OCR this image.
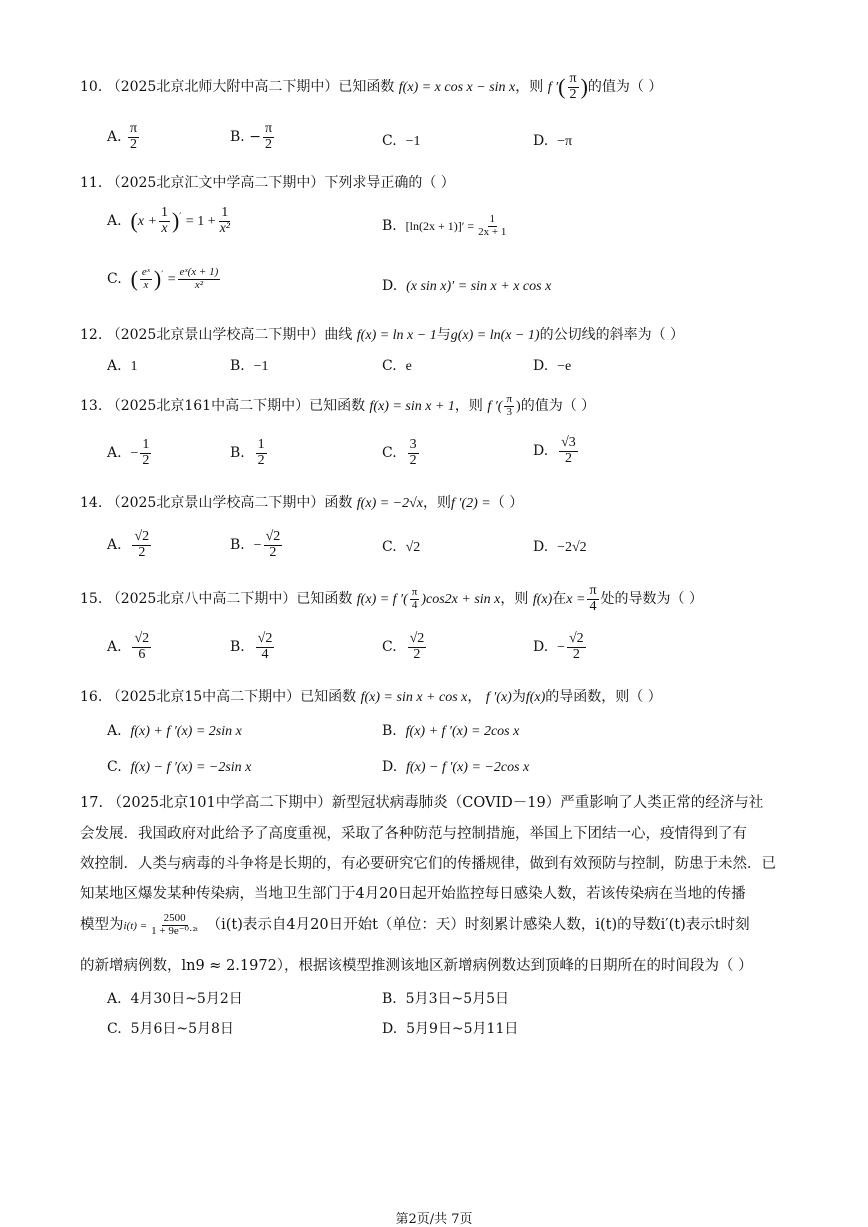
10. （2025北京北师大附中高二下期中）已知函数 f(x) = x cos x − sin x，则 f ′( $\frac{\pi}{2}$ )的值为（ ）
A. $\frac{\pi}{2}$	B. − $\frac{\pi}{2}$	C. −1	D. −π
11. （2025北京汇文中学高二下期中）下列求导正确的（ ）
A. $(x + \frac{1}{x} )' = 1 + \frac{1}{\text{x²}}$	B. $[\ln(2x + 1)]' = \frac{1}{2x + 1}$
C. ( $\frac{\text{eˣ}}{x} )' = \frac{\text{eˣ(x + 1)}}{\text{x²}}$	D. (x sin x)′ = sin x + x cos x
12. （2025北京景山学校高二下期中）曲线 f(x) = ln x − 1与g(x) = ln(x − 1)的公切线的斜率为（ ）
A. 1	B. −1	C. e	D. −e
13. （2025北京161中高二下期中）已知函数 f(x) = sin x + 1，则 f ′( $\frac{\pi}{3}$ )的值为（ ）
A. − $\frac{1}{2}$	B. $\frac{1}{2}$	C. $\frac{3}{2}$	D. $\frac{√3}{2}$
14. （2025北京景山学校高二下期中）函数 f(x) = −2√x，则f ′(2) =（ ）
A. $\frac{√2}{2}$	B. − $\frac{√2}{2}$	C. √2	D. −2√2
15. （2025北京八中高二下期中）已知函数 f(x) = f ′( $\frac{\pi}{4} )\cos 2x + \sin x$，则 f(x)在$x = \frac{\pi}{4}$ 处的导数为（ ）
A. $\frac{√2}{6}$	B. $\frac{√2}{4}$	C. $\frac{√2}{2}$	D. − $\frac{√2}{2}$
16. （2025北京15中高二下期中）已知函数 f(x) = sin x + cos x， f ′(x)为f(x)的导函数，则（ ）
A. f(x) + f ′(x) = 2sin x	B. f(x) + f ′(x) = 2cos x
C. f(x) − f ′(x) = −2sin x	D. f(x) − f ′(x) = −2cos x
17. （2025北京101中学高二下期中）新型冠状病毒肺炎（COVID－19）严重影响了人类正常的经济与社
会发展．我国政府对此给予了高度重视，采取了各种防范与控制措施，举国上下团结一心，疫情得到了有
效控制．人类与病毒的斗争将是长期的，有必要研究它们的传播规律，做到有效预防与控制，防患于未然．已
知某地区爆发某种传染病，当地卫生部门于4月20日起开始监控每日感染人数，若该传染病在当地的传播
模型为$i(t) = \frac{2500}{\text{1 + 9e⁻⁰·²ᵗ}} (i(t)$表示自4月20日开始t（单位：天）时刻累计感染人数，i(t)的导数i′(t)表示t时刻
的新增病例数，ln9 ≈ 2.1972），根据该模型推测该地区新增病例数达到顶峰的日期所在的时间段为（ ）
A. 4月30日~5月2日	B. 5月3日~5月5日
C. 5月6日~5月8日	D. 5月9日~5月11日
第2页/共 7页
